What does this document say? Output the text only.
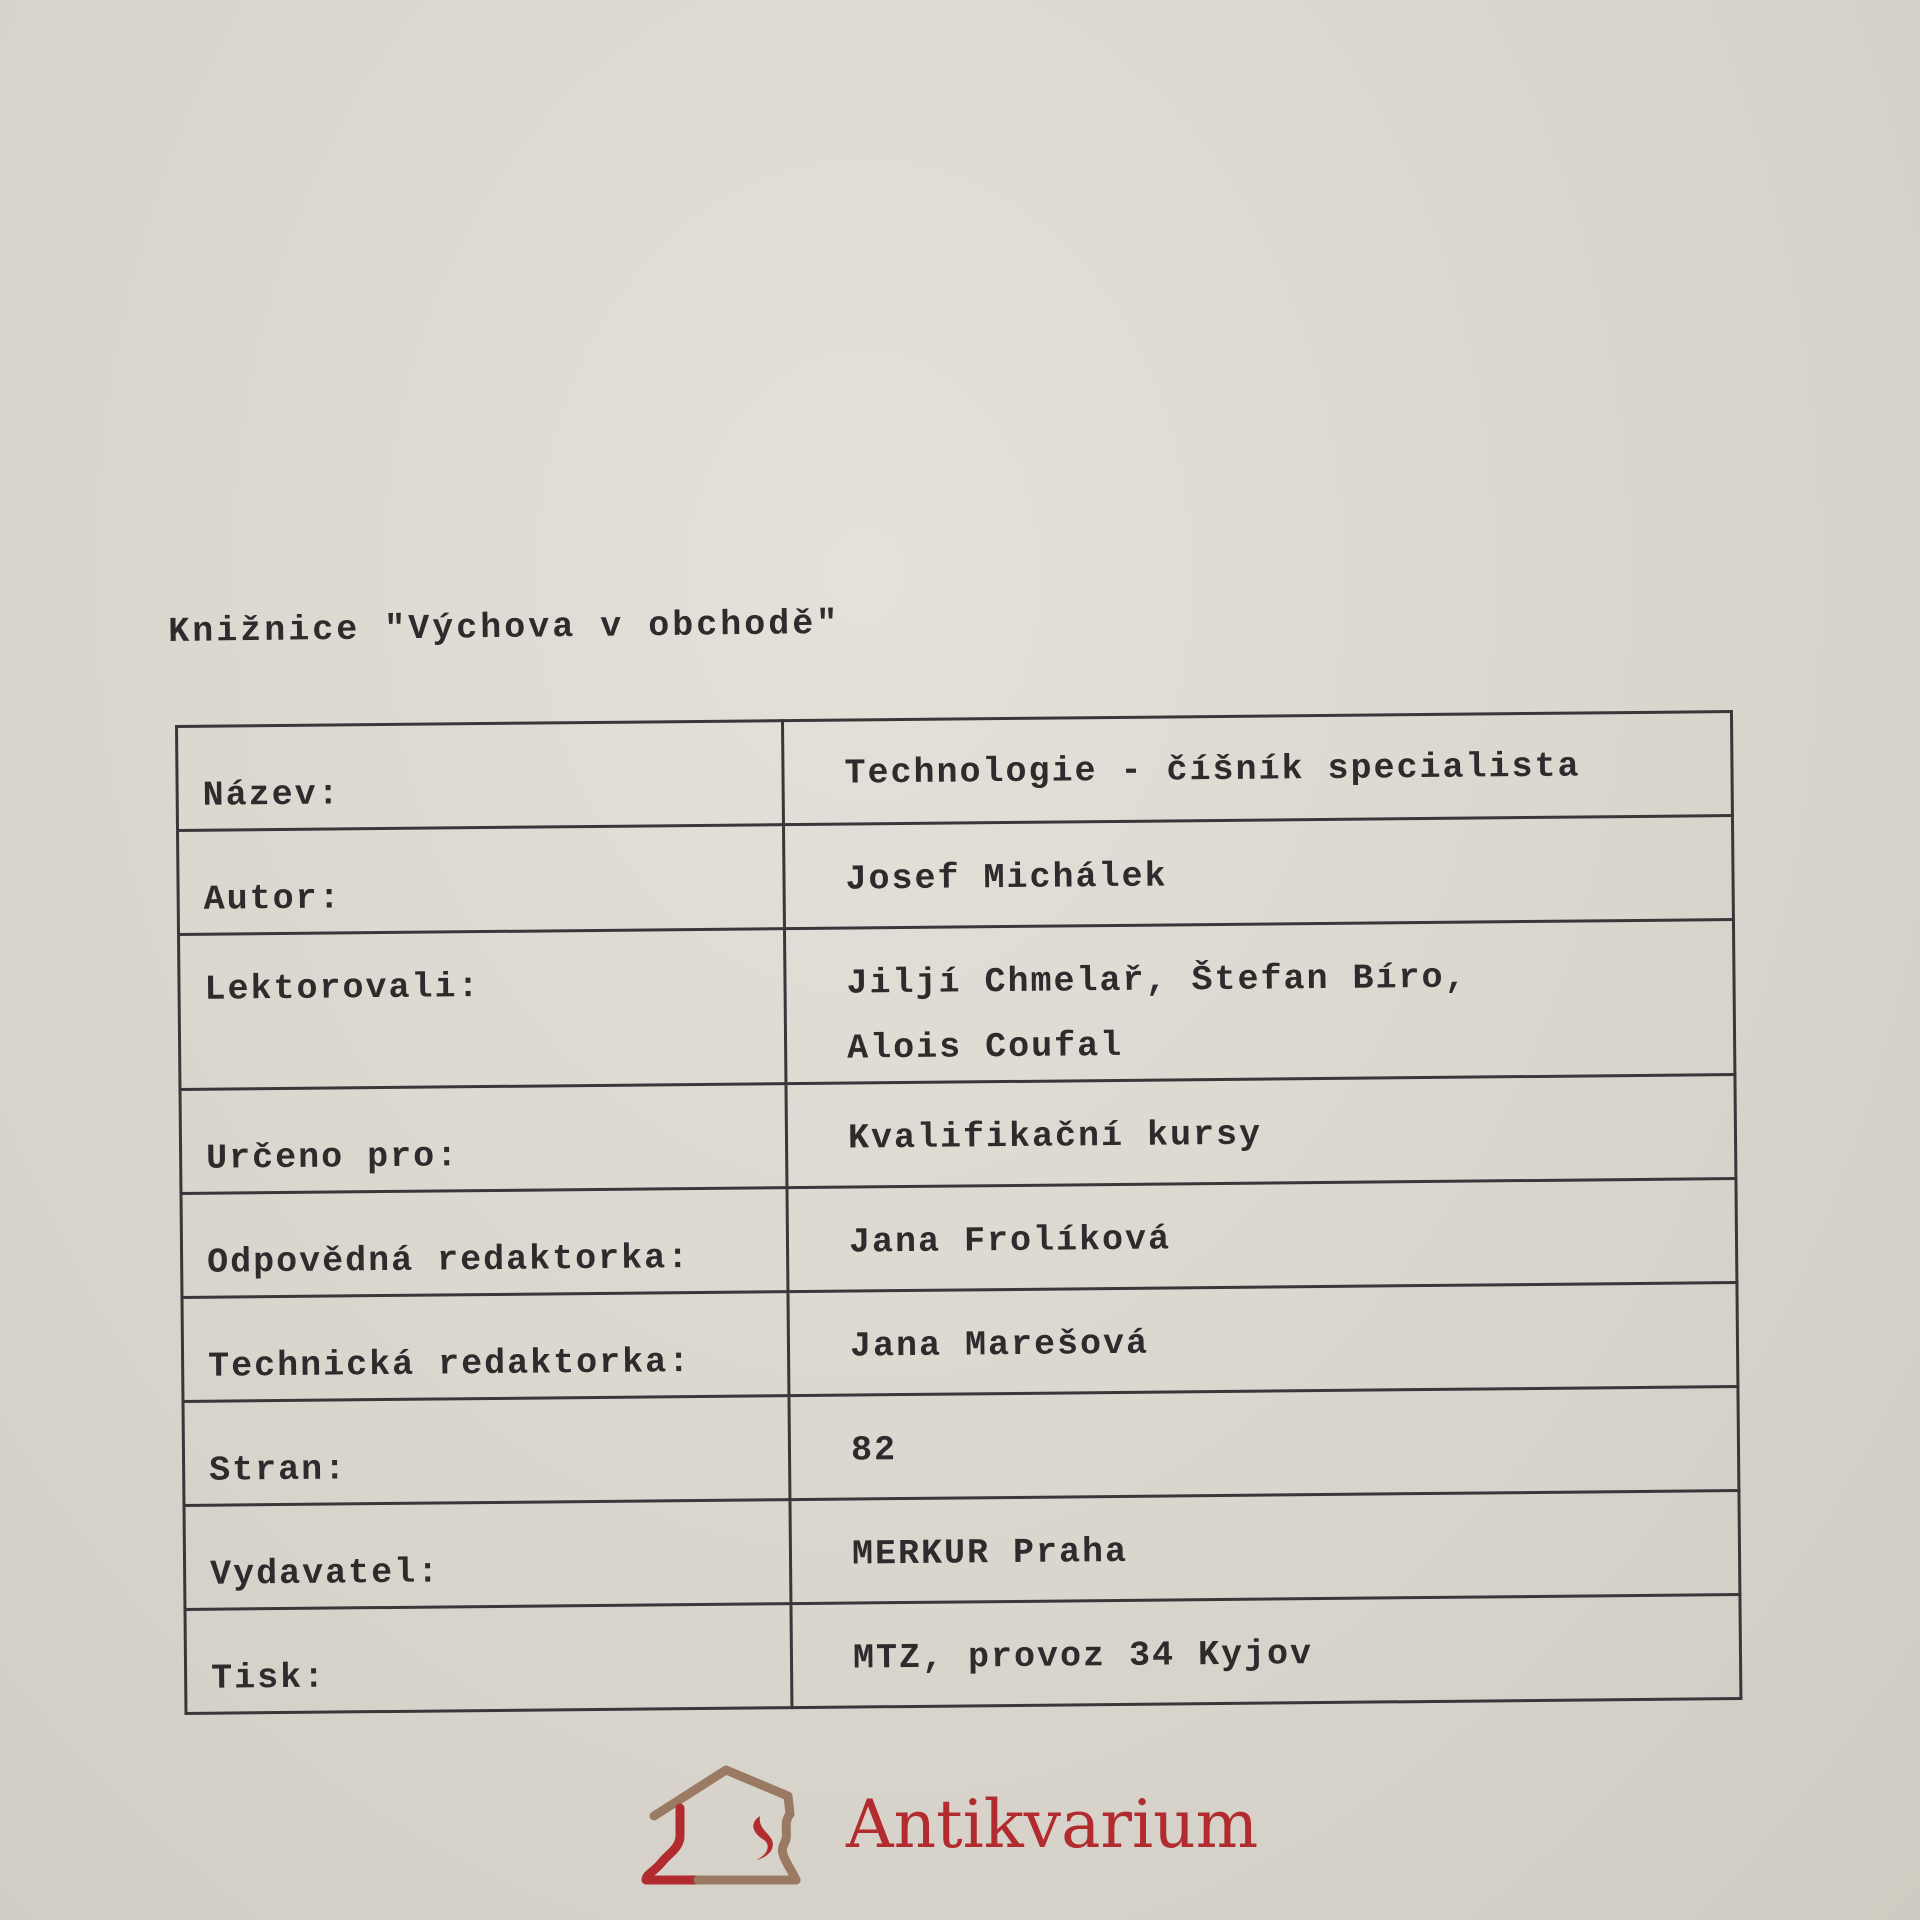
Knižnice "Výchova v obchodě"
Název:	Technologie - číšník specialista
Autor:	Josef Michálek
Lektorovali:	Jiljí Chmelař, Štefan Bíro,
Alois Coufal

Určeno pro:	Kvalifikační kursy
Odpovědná redaktorka:	Jana Frolíková
Technická redaktorka:	Jana Marešová
Stran:	82
Vydavatel:	MERKUR Praha
Tisk:	MTZ, provoz 34 Kyjov
Antikvarium
